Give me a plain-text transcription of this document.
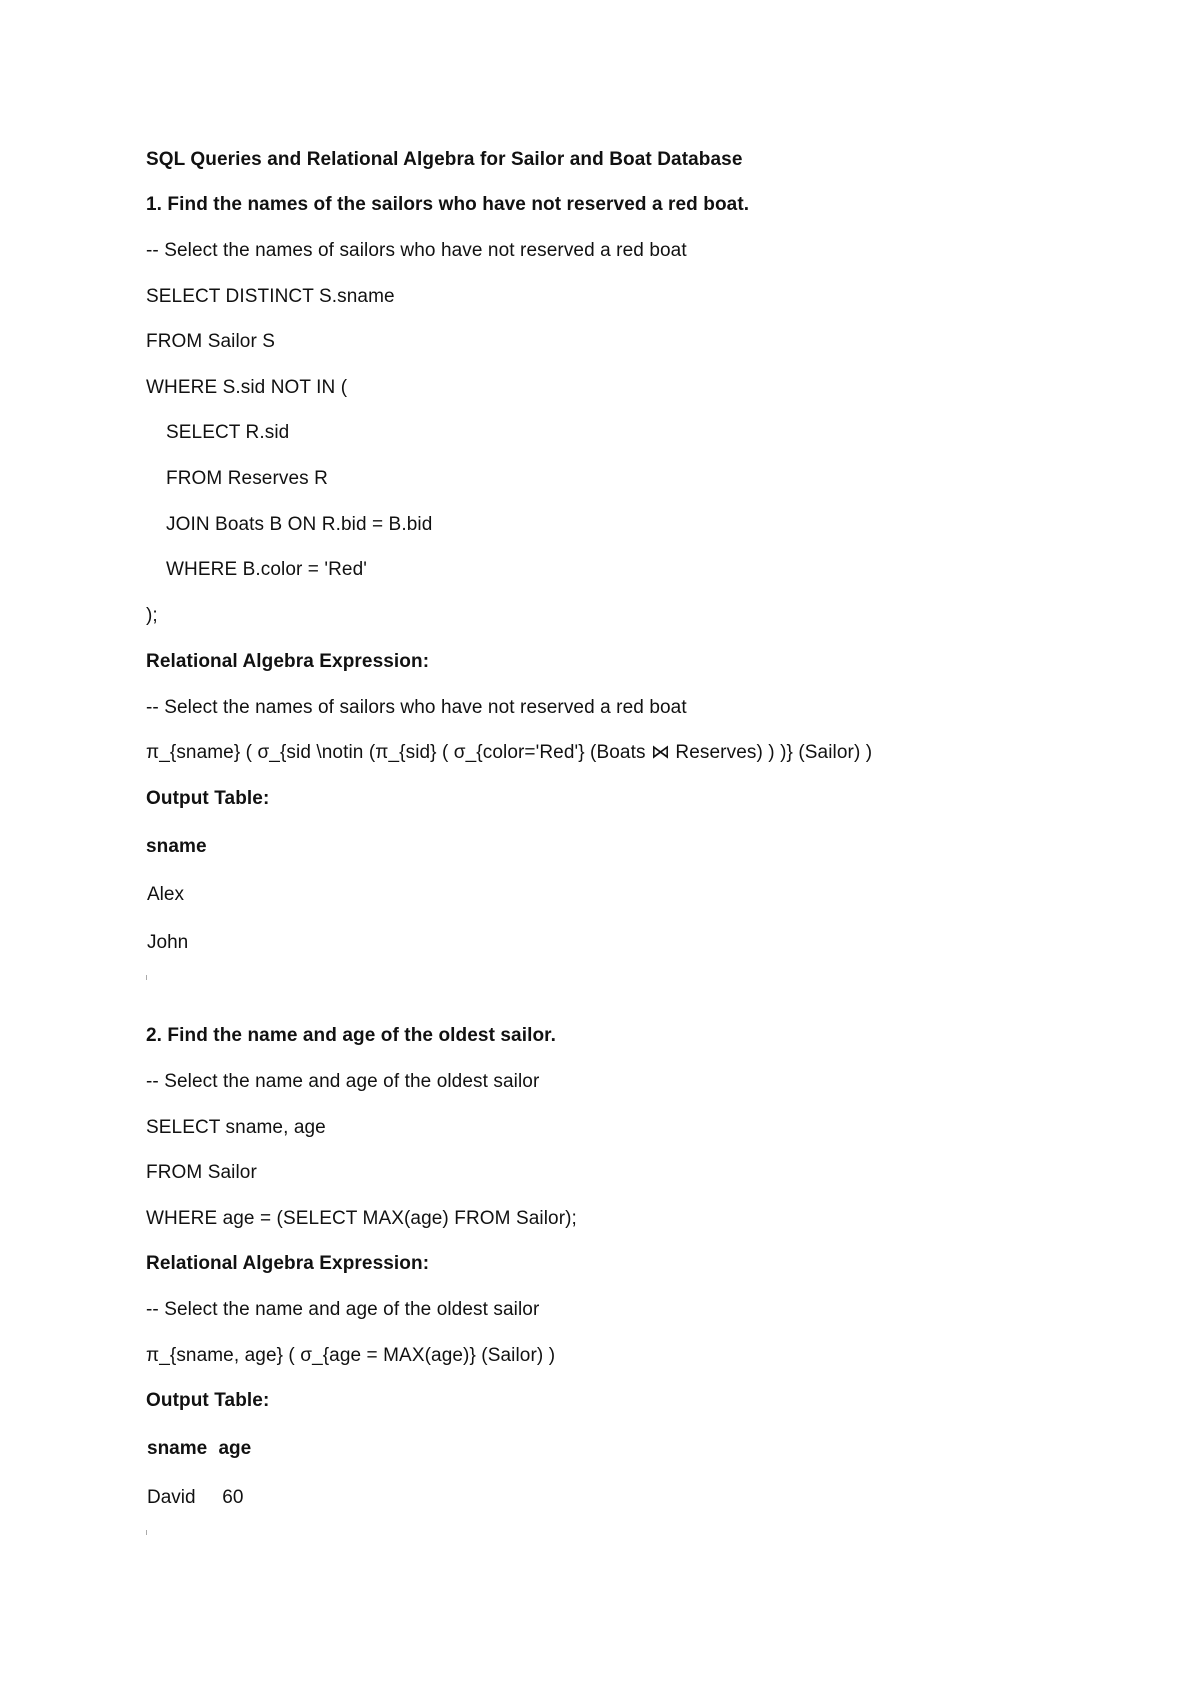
SQL Queries and Relational Algebra for Sailor and Boat Database
1. Find the names of the sailors who have not reserved a red boat.
-- Select the names of sailors who have not reserved a red boat
SELECT DISTINCT S.sname
FROM Sailor S
WHERE S.sid NOT IN (
SELECT R.sid
FROM Reserves R
JOIN Boats B ON R.bid = B.bid
WHERE B.color = 'Red'
);
Relational Algebra Expression:
-- Select the names of sailors who have not reserved a red boat
π_{sname} ( σ_{sid \notin (π_{sid} ( σ_{color='Red'} (Boats ⋈ Reserves) ) )} (Sailor) )
Output Table:
sname
Alex
John
2. Find the name and age of the oldest sailor.
-- Select the name and age of the oldest sailor
SELECT sname, age
FROM Sailor
WHERE age = (SELECT MAX(age) FROM Sailor);
Relational Algebra Expression:
-- Select the name and age of the oldest sailor
π_{sname, age} ( σ_{age = MAX(age)} (Sailor) )
Output Table:
sname age
David 60
